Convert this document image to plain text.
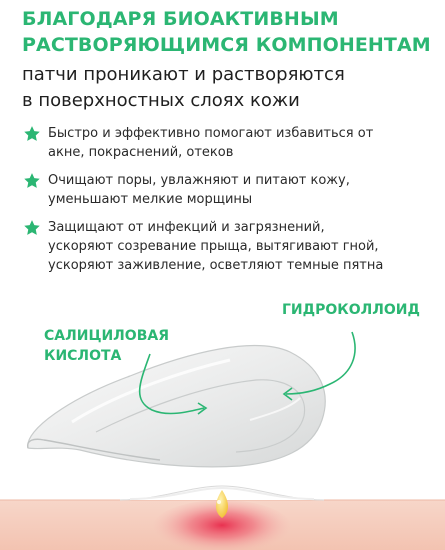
БЛАГОДАРЯ БИОАКТИВНЫМ
РАСТВОРЯЮЩИМСЯ КОМПОНЕНТАМ

патчи проникают и растворяются
в поверхностных слоях кожи

Быстро и эффективно помогают избавиться от
акне, покраснений, отеков
Очищают поры, увлажняют и питают кожу,
уменьшают мелкие морщины
Защищают от инфекций и загрязнений,
ускоряют созревание прыща, вытягивают гной,
ускоряют заживление, осветляют темные пятна
САЛИЦИЛОВАЯ
КИСЛОТА
ГИДРОКОЛЛОИД
